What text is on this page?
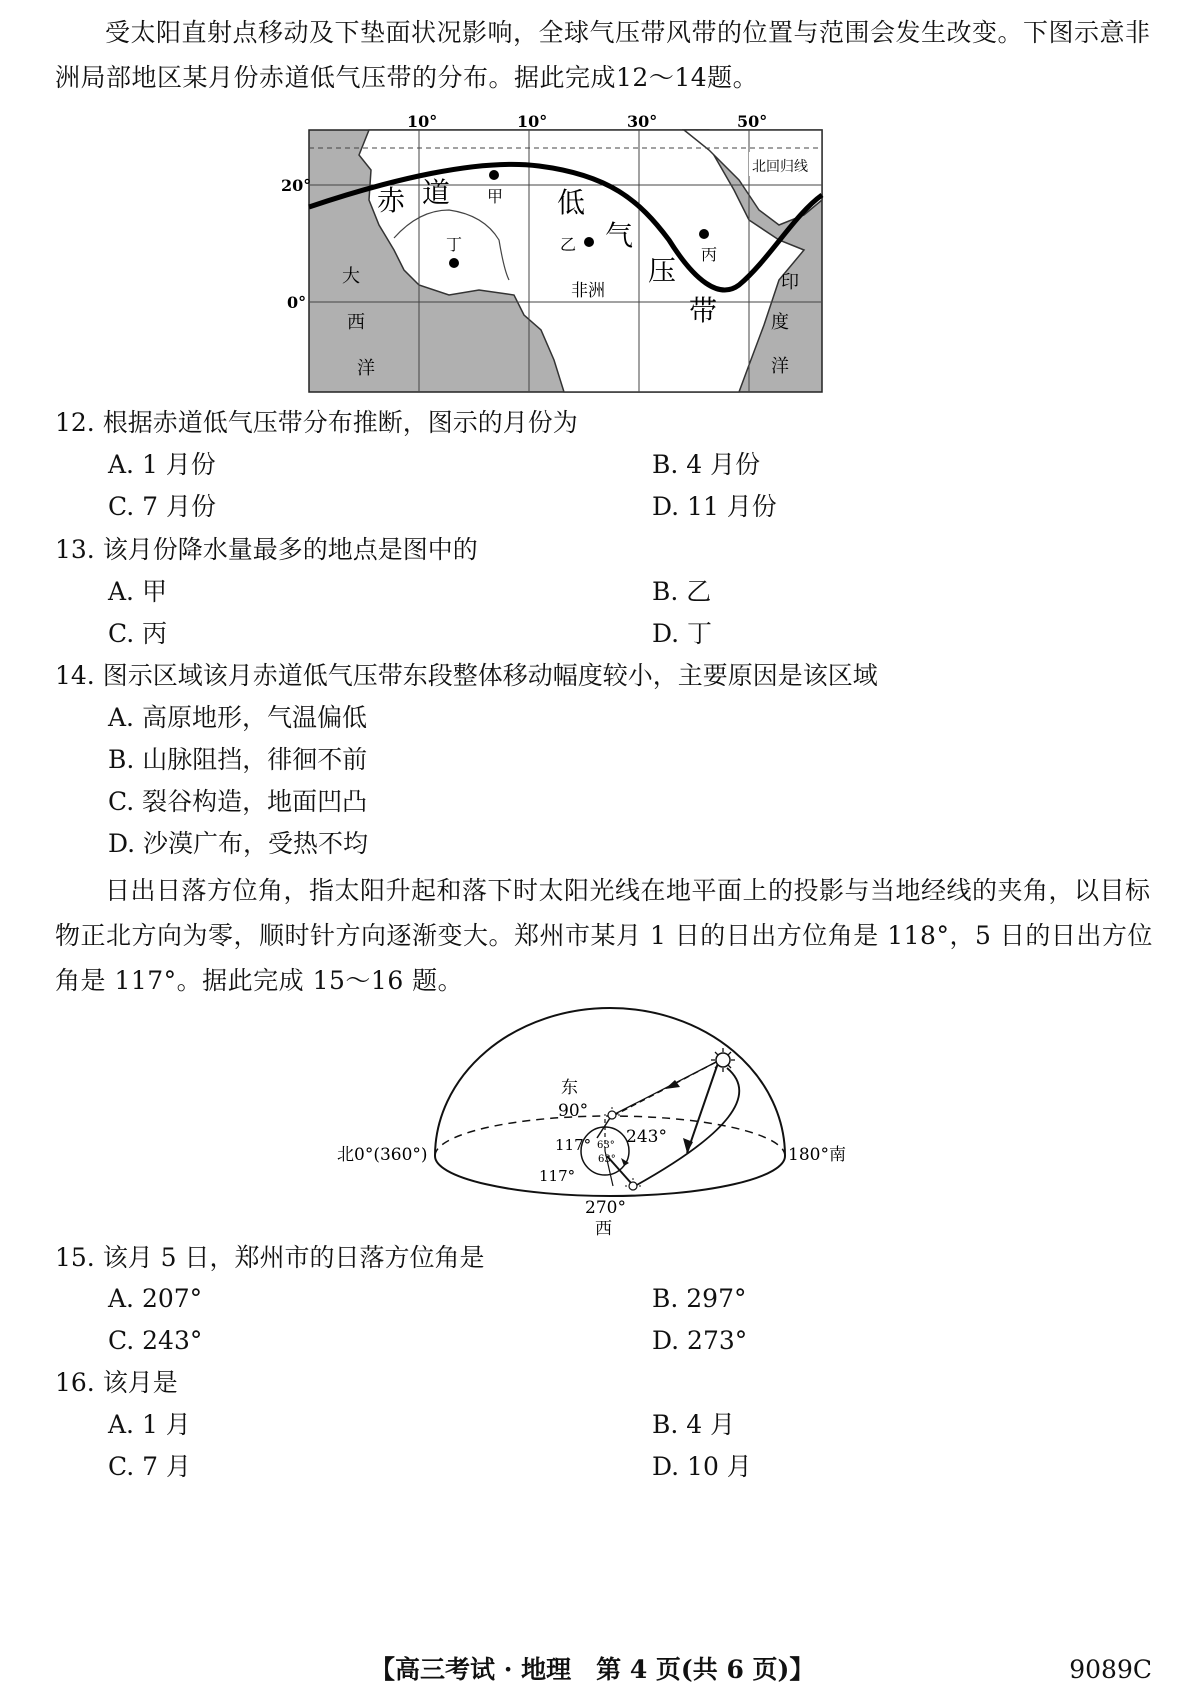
受太阳直射点移动及下垫面状况影响，全球气压带风带的位置与范围会发生改变。下图示意非洲局部地区某月份赤道低气压带的分布。据此完成12～14题。

甲
乙
丙
丁
赤 道	低
气
压
带
非洲
大
西
洋
印
度
洋
北回归线
10°	10°	30°	50°
20°
0°

12. 根据赤道低气压带分布推断，图示的月份为

A. 1 月份	B. 4 月份

C. 7 月份	D. 11 月份

13. 该月份降水量最多的地点是图中的

A. 甲	B. 乙

C. 丙	D. 丁

14. 图示区域该月赤道低气压带东段整体移动幅度较小，主要原因是该区域

A. 高原地形，气温偏低

B. 山脉阻挡，徘徊不前

C. 裂谷构造，地面凹凸

D. 沙漠广布，受热不均

日出日落方位角，指太阳升起和落下时太阳光线在地平面上的投影与当地经线的夹角，以目标物正北方向为零，顺时针方向逐渐变大。郑州市某月 1 日的日出方位角是 118°，5 日的日出方位角是 117°。据此完成 15～16 题。

北0°(360°)	180°南
东
90°
270°
西
117°
117°
243°
63°
63°

15. 该月 5 日，郑州市的日落方位角是

A. 207°	B. 297°

C. 243°	D. 273°

16. 该月是

A. 1 月	B. 4 月

C. 7 月	D. 10 月

【高三考试 · 地理　第 4 页(共 6 页)】	9089C
